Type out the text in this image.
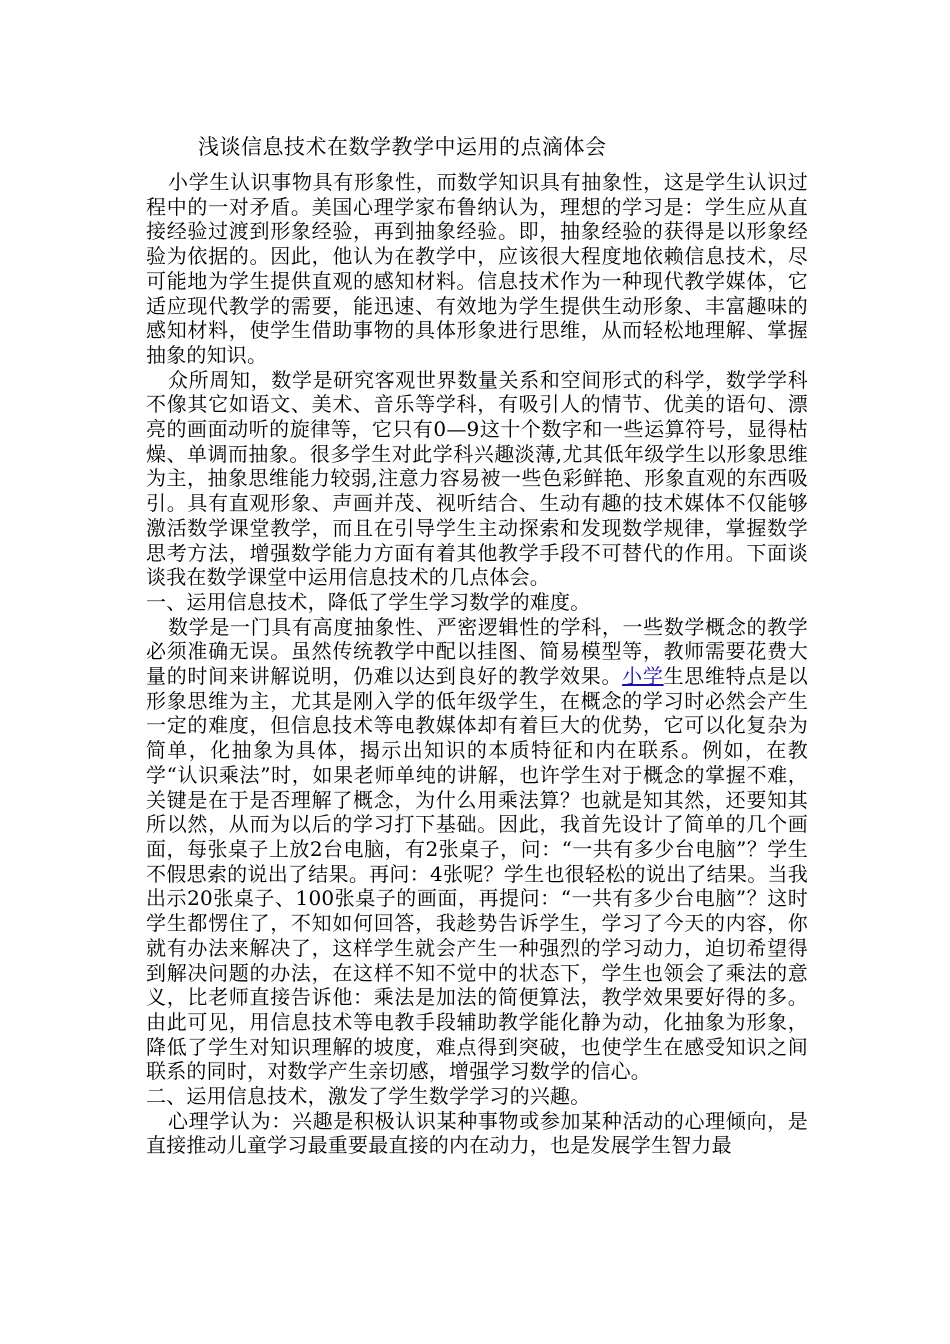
浅谈信息技术在数学教学中运用的点滴体会

小学生认识事物具有形象性，而数学知识具有抽象性，这是学生认识过程中的一对矛盾。美国心理学家布鲁纳认为，理想的学习是：学生应从直接经验过渡到形象经验，再到抽象经验。即，抽象经验的获得是以形象经验为依据的。因此，他认为在教学中，应该很大程度地依赖信息技术，尽可能地为学生提供直观的感知材料。信息技术作为一种现代教学媒体，它适应现代教学的需要，能迅速、有效地为学生提供生动形象、丰富趣味的感知材料，使学生借助事物的具体形象进行思维，从而轻松地理解、掌握抽象的知识。

众所周知，数学是研究客观世界数量关系和空间形式的科学，数学学科不像其它如语文、美术、音乐等学科，有吸引人的情节、优美的语句、漂亮的画面动听的旋律等，它只有0—9这十个数字和一些运算符号，显得枯燥、单调而抽象。很多学生对此学科兴趣淡薄,尤其低年级学生以形象思维为主，抽象思维能力较弱,注意力容易被一些色彩鲜艳、形象直观的东西吸引。具有直观形象、声画并茂、视听结合、生动有趣的技术媒体不仅能够激活数学课堂教学，而且在引导学生主动探索和发现数学规律，掌握数学思考方法，增强数学能力方面有着其他教学手段不可替代的作用。下面谈谈我在数学课堂中运用信息技术的几点体会。

一、运用信息技术，降低了学生学习数学的难度。

数学是一门具有高度抽象性、严密逻辑性的学科，一些数学概念的教学必须准确无误。虽然传统教学中配以挂图、简易模型等，教师需要花费大量的时间来讲解说明，仍难以达到良好的教学效果。小学生思维特点是以形象思维为主，尤其是刚入学的低年级学生，在概念的学习时必然会产生一定的难度，但信息技术等电教媒体却有着巨大的优势，它可以化复杂为简单，化抽象为具体，揭示出知识的本质特征和内在联系。例如，在教学“认识乘法”时，如果老师单纯的讲解，也许学生对于概念的掌握不难，关键是在于是否理解了概念，为什么用乘法算？也就是知其然，还要知其所以然，从而为以后的学习打下基础。因此，我首先设计了简单的几个画面，每张桌子上放2台电脑，有2张桌子，问：“一共有多少台电脑”？学生不假思索的说出了结果。再问：4张呢？学生也很轻松的说出了结果。当我出示20张桌子、100张桌子的画面，再提问：“一共有多少台电脑”？这时学生都愣住了，不知如何回答，我趁势告诉学生，学习了今天的内容，你就有办法来解决了，这样学生就会产生一种强烈的学习动力，迫切希望得到解决问题的办法，在这样不知不觉中的状态下，学生也领会了乘法的意义，比老师直接告诉他：乘法是加法的简便算法，教学效果要好得的多。由此可见，用信息技术等电教手段辅助教学能化静为动，化抽象为形象，降低了学生对知识理解的坡度，难点得到突破，也使学生在感受知识之间联系的同时，对数学产生亲切感，增强学习数学的信心。

二、运用信息技术，激发了学生数学学习的兴趣。

心理学认为：兴趣是积极认识某种事物或参加某种活动的心理倾向，是直接推动儿童学习最重要最直接的内在动力，也是发展学生智力最
